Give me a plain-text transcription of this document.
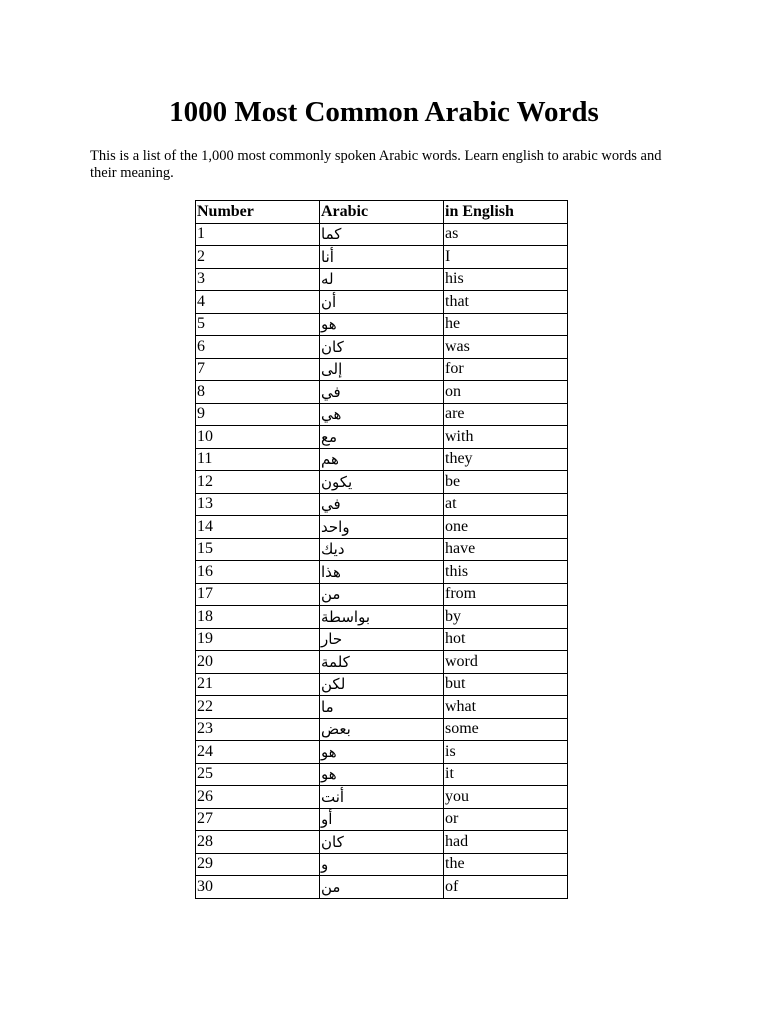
1000 Most Common Arabic Words

This is a list of the 1,000 most commonly spoken Arabic words. Learn english to arabic words and their meaning.

Number	Arabic	in English
1	كما	as
2	أنا	I
3	له	his
4	أن	that
5	هو	he
6	كان	was
7	إلى	for
8	في	on
9	هي	are
10	مع	with
11	هم	they
12	يكون	be
13	في	at
14	واحد	one
15	ديك	have
16	هذا	this
17	من	from
18	بواسطة	by
19	حار	hot
20	كلمة	word
21	لكن	but
22	ما	what
23	بعض	some
24	هو	is
25	هو	it
26	أنت	you
27	أو	or
28	كان	had
29	و	the
30	من	of
